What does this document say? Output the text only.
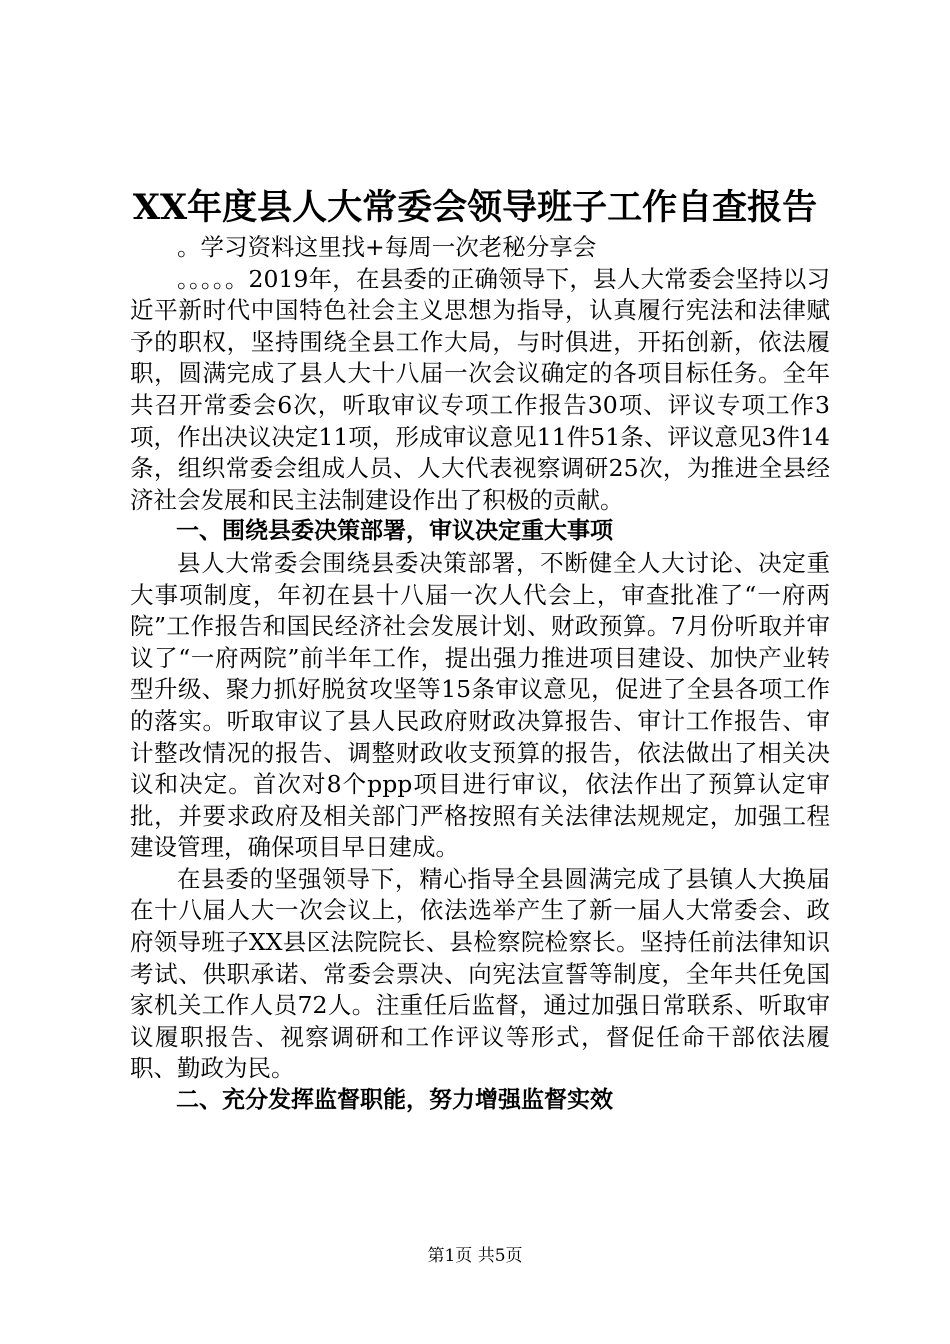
XX年度县人大常委会领导班子工作自查报告

。学习资料这里找+每周一次老秘分享会

。。。。。2019年，在县委的正确领导下，县人大常委会坚持以习近平新时代中国特色社会主义思想为指导，认真履行宪法和法律赋予的职权，坚持围绕全县工作大局，与时俱进，开拓创新，依法履职，圆满完成了县人大十八届一次会议确定的各项目标任务。全年共召开常委会6次，听取审议专项工作报告30项、评议专项工作3项，作出决议决定11项，形成审议意见11件51条、评议意见3件14条，组织常委会组成人员、人大代表视察调研25次，为推进全县经济社会发展和民主法制建设作出了积极的贡献。

一、围绕县委决策部署，审议决定重大事项

县人大常委会围绕县委决策部署，不断健全人大讨论、决定重大事项制度，年初在县十八届一次人代会上，审查批准了“一府两院”工作报告和国民经济社会发展计划、财政预算。7月份听取并审议了“一府两院”前半年工作，提出强力推进项目建设、加快产业转型升级、聚力抓好脱贫攻坚等15条审议意见，促进了全县各项工作的落实。听取审议了县人民政府财政决算报告、审计工作报告、审计整改情况的报告、调整财政收支预算的报告，依法做出了相关决议和决定。首次对8个ppp项目进行审议，依法作出了预算认定审批，并要求政府及相关部门严格按照有关法律法规规定，加强工程建设管理，确保项目早日建成。

在县委的坚强领导下，精心指导全县圆满完成了县镇人大换届在十八届人大一次会议上，依法选举产生了新一届人大常委会、政府领导班子XX县区法院院长、县检察院检察长。坚持任前法律知识考试、供职承诺、常委会票决、向宪法宣誓等制度，全年共任免国家机关工作人员72人。注重任后监督，通过加强日常联系、听取审议履职报告、视察调研和工作评议等形式，督促任命干部依法履职、勤政为民。

二、充分发挥监督职能，努力增强监督实效

第1页 共5页
